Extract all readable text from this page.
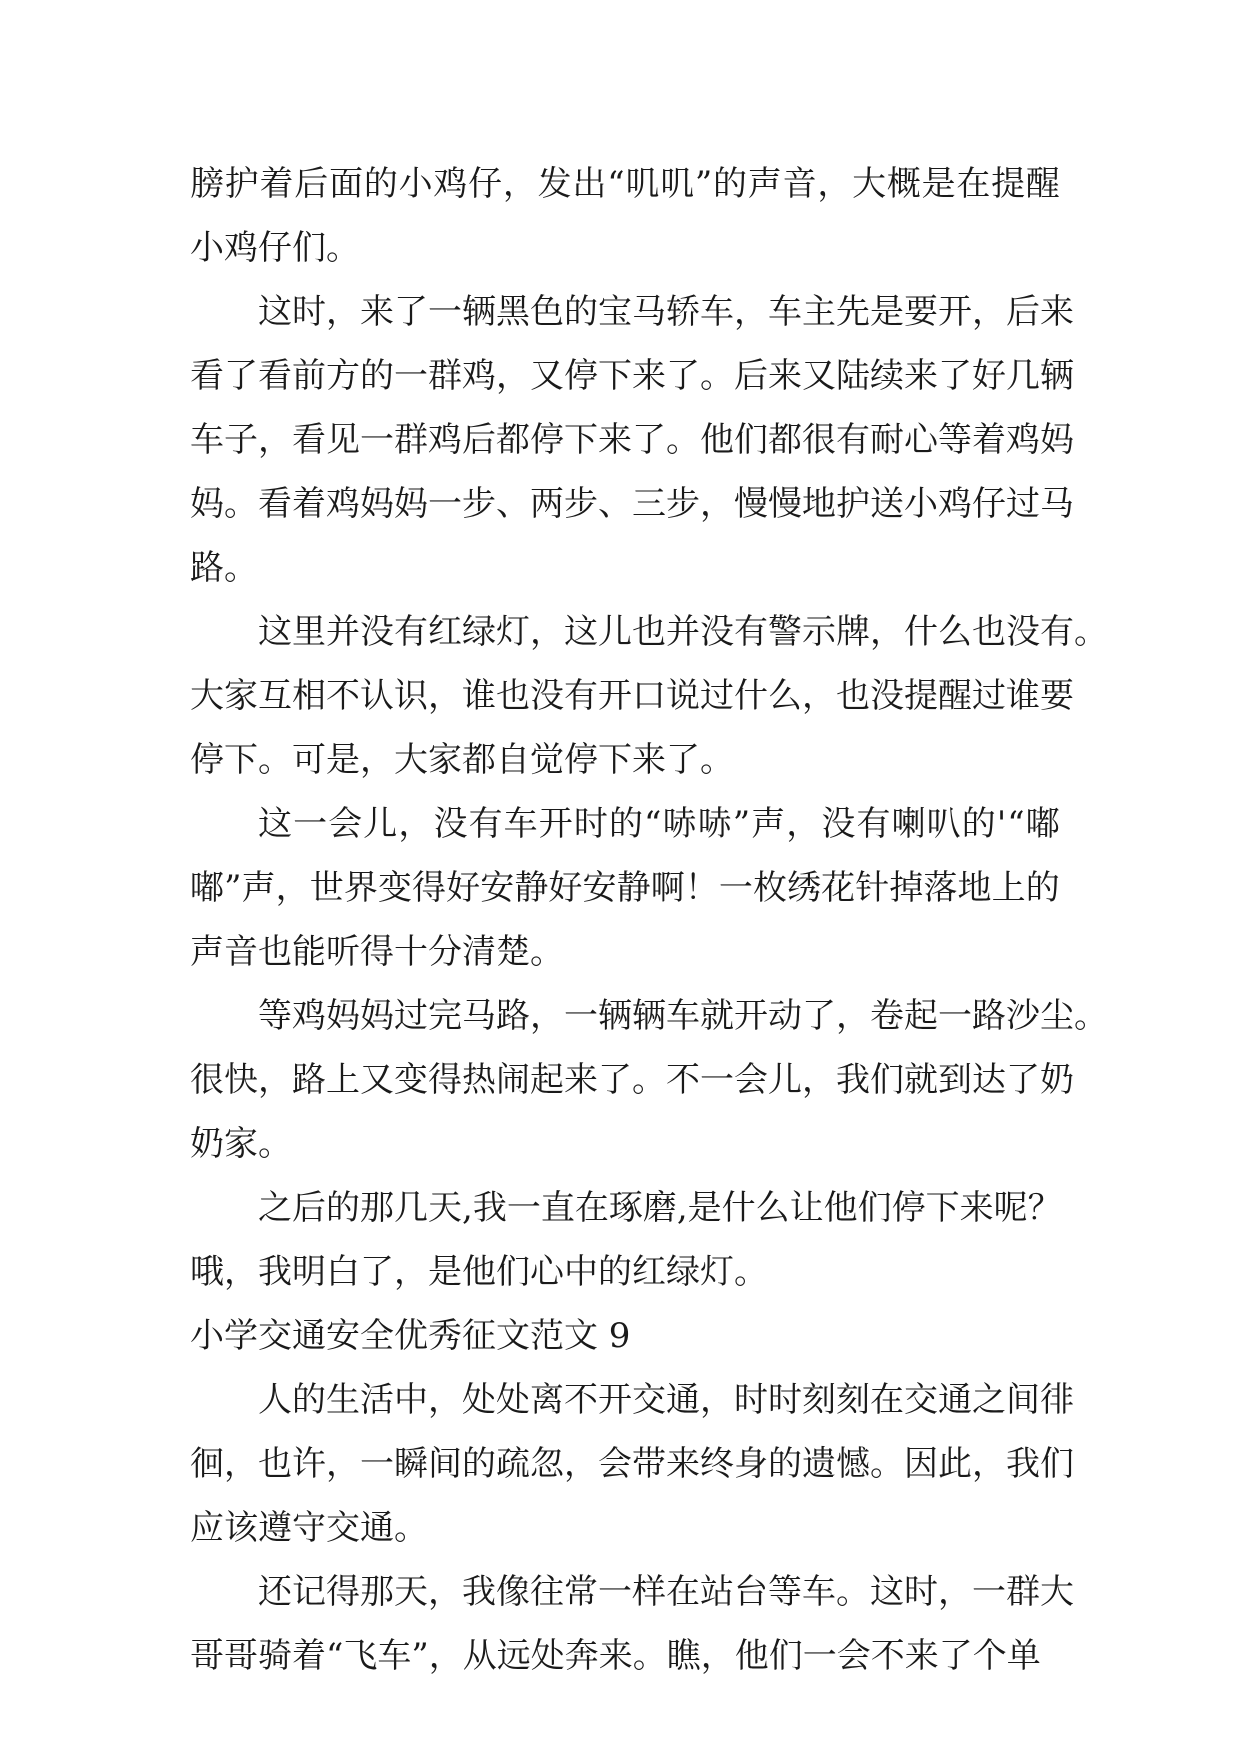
膀 护 着 后 面 的 小 鸡 仔 ， 发 出 “ 叽 叽 ” 的 声 音 ， 大 概 是 在 提 醒
小鸡仔们。
这 时 ， 来 了 一 辆 黑 色 的 宝 马 轿 车 ， 车 主 先 是 要 开 ， 后 来
看 了 看 前 方 的 一 群 鸡 ， 又 停 下 来 了 。 后 来 又 陆 续 来 了 好 几 辆
车 子 ， 看 见 一 群 鸡 后 都 停 下 来 了 。 他 们 都 很 有 耐 心 等 着 鸡 妈
妈 。 看 着 鸡 妈 妈 一 步 、 两 步 、 三 步 ， 慢 慢 地 护 送 小 鸡 仔 过 马
路。
这 里 并 没 有 红 绿 灯 ， 这 儿 也 并 没 有 警 示 牌 ， 什 么 也 没 有 。
大 家 互 相 不 认 识 ， 谁 也 没 有 开 口 说 过 什 么 ， 也 没 提 醒 过 谁 要
停下。可是，大家都自觉停下来了。
这 一 会 儿 ， 没 有 车 开 时 的 “ 哧 哧 ” 声 ， 没 有 喇 叭 的 ' “ 嘟
嘟 ” 声 ， 世 界 变 得 好 安 静 好 安 静 啊 ！ 一 枚 绣 花 针 掉 落 地 上 的
声音也能听得十分清楚。
等 鸡 妈 妈 过 完 马 路 ， 一 辆 辆 车 就 开 动 了 ， 卷 起 一 路 沙 尘 。
很 快 ， 路 上 又 变 得 热 闹 起 来 了 。 不 一 会 儿 ， 我 们 就 到 达 了 奶
奶家。
之 后 的 那 几 天 , 我 一 直 在 琢 磨 , 是 什 么 让 他 们 停 下 来 呢 ？
哦，我明白了，是他们心中的红绿灯。
小学交通安全优秀征文范文 9
人 的 生 活 中 ， 处 处 离 不 开 交 通 ， 时 时 刻 刻 在 交 通 之 间 徘
徊 ， 也 许 ， 一 瞬 间 的 疏 忽 ， 会 带 来 终 身 的 遗 憾 。 因 此 ， 我 们
应该遵守交通。
还 记 得 那 天 ， 我 像 往 常 一 样 在 站 台 等 车 。 这 时 ， 一 群 大
哥哥骑着“飞车”，从远处奔来。瞧，他们一会不来了个单
